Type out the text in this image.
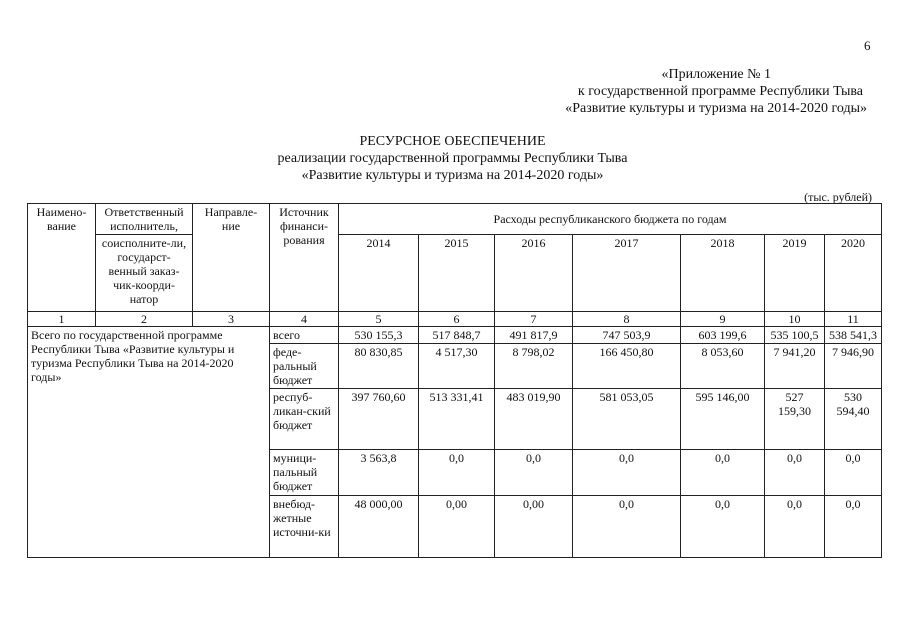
6
«Приложение № 1
к государственной программе Республики Тыва
«Развитие культуры и туризма на 2014-2020 годы»
РЕСУРСНОЕ ОБЕСПЕЧЕНИЕ
реализации государственной программы Республики Тыва
«Развитие культуры и туризма на 2014-2020 годы»
(тыс. рублей)
Наимено-вание	Ответственный исполнитель,	Направле-ние	Источник финанси-рования	Расходы республиканского бюджета по годам						
	соисполните-ли, государст-венный заказ-чик-коорди-натор			2014	2015	2016	2017	2018	2019	2020
1	2	3	4	5	6	7	8	9	10	11
Всего по государственной программе Республики Тыва «Развитие культуры и туризма Республики Тыва на 2014-2020 годы»			всего	530 155,3	517 848,7	491 817,9	747 503,9	603 199,6	535 100,5	538 541,3
			феде-ральный бюджет	80 830,85	4 517,30	8 798,02	166 450,80	8 053,60	7 941,20	7 946,90
			респуб-ликан-ский бюджет	397 760,60	513 331,41	483 019,90	581 053,05	595 146,00	527 159,30	530 594,40
			муници-пальный бюджет	3 563,8	0,0	0,0	0,0	0,0	0,0	0,0
			внебюд-жетные источни-ки	48 000,00	0,00	0,00	0,0	0,0	0,0	0,0
